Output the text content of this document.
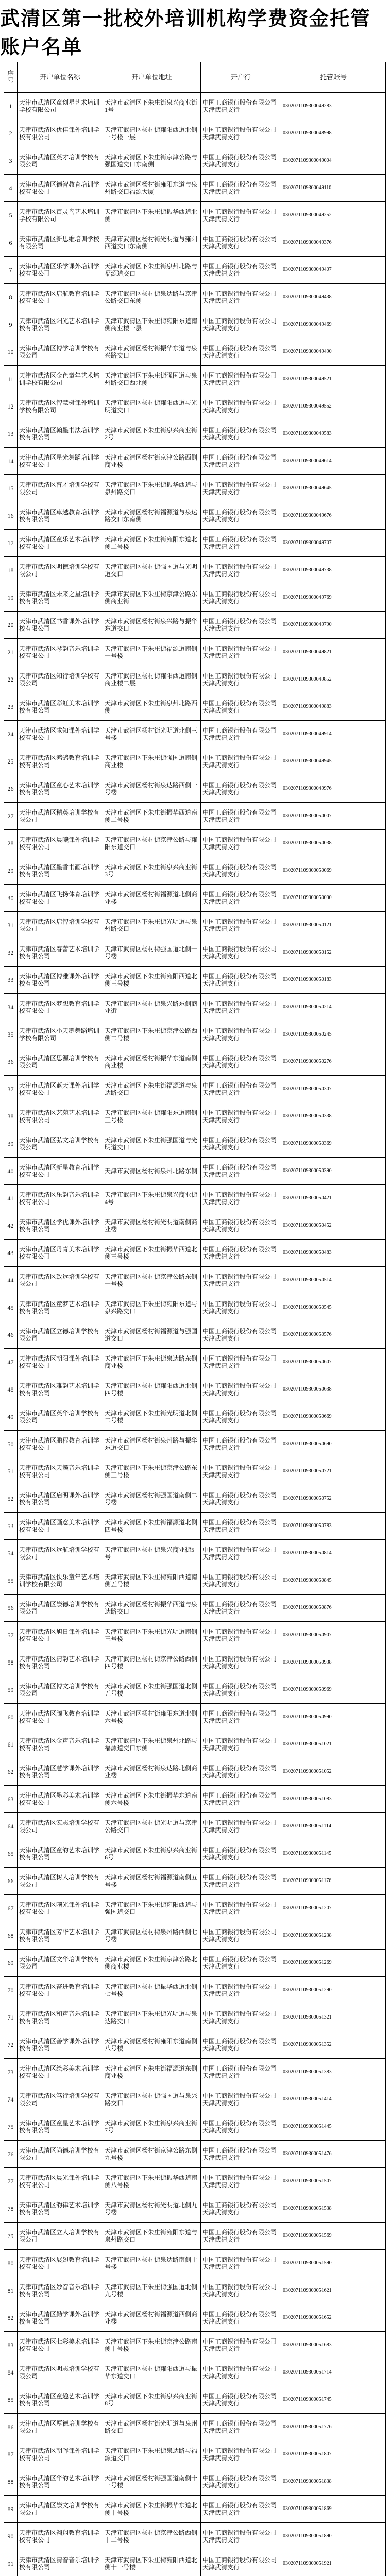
武清区第一批校外培训机构学费资金托管账户名单
序号	开户单位名称	开户单位地址	开户行	托管账号
1	天津市武清区童创星艺术培训学校有限公司	天津市武清区下朱庄街泉兴商业街1号	中国工商银行股份有限公司天津武清支行	0302071109300049283
2	天津市武清区优佳课外培训学校有限公司	天津市武清区杨村街雍阳西道北侧一号楼一层	中国工商银行股份有限公司天津武清支行	0302071109300048998
3	天津市武清区英才培训学校有限公司	天津市武清区下朱庄街京津公路与强国道交口东南侧	中国工商银行股份有限公司天津武清支行	0302071109300049004
4	天津市武清区德智教育培训学校有限公司	天津市武清区杨村街雍阳东道与泉州路交口福源大厦	中国工商银行股份有限公司天津武清支行	0302071109300049110
5	天津市武清区百灵鸟艺术培训学校有限公司	天津市武清区下朱庄街振华西道北侧	中国工商银行股份有限公司天津武清支行	0302071109300049252
6	天津市武清区新思维培训学校有限公司	天津市武清区杨村街光明道与雍阳西道交口东南侧	中国工商银行股份有限公司天津武清支行	0302071109300049376
7	天津市武清区乐学课外培训学校有限公司	天津市武清区下朱庄街泉州北路与福源道交口	中国工商银行股份有限公司天津武清支行	0302071109300049407
8	天津市武清区启航教育培训学校有限公司	天津市武清区杨村街泉达路与京津公路交口东侧	中国工商银行股份有限公司天津武清支行	0302071109300049438
9	天津市武清区阳光艺术培训学校有限公司	天津市武清区下朱庄街雍阳东道南侧商业楼一层	中国工商银行股份有限公司天津武清支行	0302071109300049469
10	天津市武清区博学培训学校有限公司	天津市武清区杨村街振华东道与泉兴路交口	中国工商银行股份有限公司天津武清支行	0302071109300049490
11	天津市武清区金色童年艺术培训学校有限公司	天津市武清区下朱庄街强国道与泉州路交口西北侧	中国工商银行股份有限公司天津武清支行	0302071109300049521
12	天津市武清区智慧树课外培训学校有限公司	天津市武清区杨村街雍阳西道与光明道交口	中国工商银行股份有限公司天津武清支行	0302071109300049552
13	天津市武清区翰墨书法培训学校有限公司	天津市武清区下朱庄街泉兴商业街2号	中国工商银行股份有限公司天津武清支行	0302071109300049583
14	天津市武清区星光舞蹈培训学校有限公司	天津市武清区杨村街京津公路西侧商业楼	中国工商银行股份有限公司天津武清支行	0302071109300049614
15	天津市武清区育才培训学校有限公司	天津市武清区下朱庄街振华西道与泉州路交口	中国工商银行股份有限公司天津武清支行	0302071109300049645
16	天津市武清区卓越教育培训学校有限公司	天津市武清区杨村街福源道与泉达路交口东南侧	中国工商银行股份有限公司天津武清支行	0302071109300049676
17	天津市武清区童乐艺术培训学校有限公司	天津市武清区下朱庄街雍阳东道北侧二号楼	中国工商银行股份有限公司天津武清支行	0302071109300049707
18	天津市武清区明德培训学校有限公司	天津市武清区杨村街强国道与光明道交口	中国工商银行股份有限公司天津武清支行	0302071109300049738
19	天津市武清区未来之星培训学校有限公司	天津市武清区下朱庄街京津公路东侧商业街	中国工商银行股份有限公司天津武清支行	0302071109300049769
20	天津市武清区书香课外培训学校有限公司	天津市武清区杨村街泉兴路与振华东道交口	中国工商银行股份有限公司天津武清支行	0302071109300049790
21	天津市武清区琴韵音乐培训学校有限公司	天津市武清区下朱庄街福源道南侧一号楼	中国工商银行股份有限公司天津武清支行	0302071109300049821
22	天津市武清区知行培训学校有限公司	天津市武清区杨村街雍阳西道南侧商业楼二层	中国工商银行股份有限公司天津武清支行	0302071109300049852
23	天津市武清区彩虹美术培训学校有限公司	天津市武清区下朱庄街泉州北路西侧	中国工商银行股份有限公司天津武清支行	0302071109300049883
24	天津市武清区求知课外培训学校有限公司	天津市武清区杨村街光明道北侧三号楼	中国工商银行股份有限公司天津武清支行	0302071109300049914
25	天津市武清区鸿鹄教育培训学校有限公司	天津市武清区下朱庄街强国道南侧商业楼	中国工商银行股份有限公司天津武清支行	0302071109300049945
26	天津市武清区童心艺术培训学校有限公司	天津市武清区杨村街泉达路西侧一号楼	中国工商银行股份有限公司天津武清支行	0302071109300049976
27	天津市武清区精英培训学校有限公司	天津市武清区下朱庄街振华西道南侧二号楼	中国工商银行股份有限公司天津武清支行	0302071109300050007
28	天津市武清区晨曦课外培训学校有限公司	天津市武清区杨村街京津公路与雍阳东道交口	中国工商银行股份有限公司天津武清支行	0302071109300050038
29	天津市武清区墨香书画培训学校有限公司	天津市武清区下朱庄街泉兴商业街3号	中国工商银行股份有限公司天津武清支行	0302071109300050069
30	天津市武清区飞扬体育培训学校有限公司	天津市武清区杨村街福源道北侧商业楼	中国工商银行股份有限公司天津武清支行	0302071109300050090
31	天津市武清区启智培训学校有限公司	天津市武清区下朱庄街光明道与泉州路交口	中国工商银行股份有限公司天津武清支行	0302071109300050121
32	天津市武清区春蕾艺术培训学校有限公司	天津市武清区杨村街强国道北侧一号楼	中国工商银行股份有限公司天津武清支行	0302071109300050152
33	天津市武清区博雅课外培训学校有限公司	天津市武清区下朱庄街雍阳西道北侧三号楼	中国工商银行股份有限公司天津武清支行	0302071109300050183
34	天津市武清区梦想教育培训学校有限公司	天津市武清区杨村街泉兴路东侧商业街	中国工商银行股份有限公司天津武清支行	0302071109300050214
35	天津市武清区小天鹅舞蹈培训学校有限公司	天津市武清区下朱庄街京津公路西侧二号楼	中国工商银行股份有限公司天津武清支行	0302071109300050245
36	天津市武清区思源培训学校有限公司	天津市武清区杨村街振华东道南侧商业楼	中国工商银行股份有限公司天津武清支行	0302071109300050276
37	天津市武清区蓝天课外培训学校有限公司	天津市武清区下朱庄街福源道与泉达路交口	中国工商银行股份有限公司天津武清支行	0302071109300050307
38	天津市武清区艺苑艺术培训学校有限公司	天津市武清区杨村街雍阳东道南侧三号楼	中国工商银行股份有限公司天津武清支行	0302071109300050338
39	天津市武清区弘文培训学校有限公司	天津市武清区下朱庄街强国道与光明道交口	中国工商银行股份有限公司天津武清支行	0302071109300050369
40	天津市武清区新星教育培训学校有限公司	天津市武清区杨村街泉州北路东侧	中国工商银行股份有限公司天津武清支行	0302071109300050390
41	天津市武清区乐韵音乐培训学校有限公司	天津市武清区下朱庄街泉兴商业街4号	中国工商银行股份有限公司天津武清支行	0302071109300050421
42	天津市武清区学优课外培训学校有限公司	天津市武清区杨村街光明道南侧商业楼	中国工商银行股份有限公司天津武清支行	0302071109300050452
43	天津市武清区丹青美术培训学校有限公司	天津市武清区下朱庄街振华西道北侧三号楼	中国工商银行股份有限公司天津武清支行	0302071109300050483
44	天津市武清区致远培训学校有限公司	天津市武清区杨村街京津公路东侧一号楼	中国工商银行股份有限公司天津武清支行	0302071109300050514
45	天津市武清区童梦艺术培训学校有限公司	天津市武清区下朱庄街雍阳东道与泉兴路交口	中国工商银行股份有限公司天津武清支行	0302071109300050545
46	天津市武清区立德培训学校有限公司	天津市武清区杨村街福源道与强国道交口	中国工商银行股份有限公司天津武清支行	0302071109300050576
47	天津市武清区朝阳课外培训学校有限公司	天津市武清区下朱庄街泉达路东侧商业楼	中国工商银行股份有限公司天津武清支行	0302071109300050607
48	天津市武清区雅韵艺术培训学校有限公司	天津市武清区杨村街雍阳西道北侧四号楼	中国工商银行股份有限公司天津武清支行	0302071109300050638
49	天津市武清区英华培训学校有限公司	天津市武清区下朱庄街光明道北侧二号楼	中国工商银行股份有限公司天津武清支行	0302071109300050669
50	天津市武清区鹏程教育培训学校有限公司	天津市武清区杨村街泉州路与振华东道交口	中国工商银行股份有限公司天津武清支行	0302071109300050690
51	天津市武清区天籁音乐培训学校有限公司	天津市武清区下朱庄街京津公路东侧三号楼	中国工商银行股份有限公司天津武清支行	0302071109300050721
52	天津市武清区启明课外培训学校有限公司	天津市武清区杨村街强国道南侧二号楼	中国工商银行股份有限公司天津武清支行	0302071109300050752
53	天津市武清区画意美术培训学校有限公司	天津市武清区下朱庄街福源道北侧四号楼	中国工商银行股份有限公司天津武清支行	0302071109300050783
54	天津市武清区远航培训学校有限公司	天津市武清区杨村街泉兴商业街5号	中国工商银行股份有限公司天津武清支行	0302071109300050814
55	天津市武清区快乐童年艺术培训学校有限公司	天津市武清区下朱庄街雍阳西道南侧五号楼	中国工商银行股份有限公司天津武清支行	0302071109300050845
56	天津市武清区崇德培训学校有限公司	天津市武清区杨村街振华西道与泉达路交口	中国工商银行股份有限公司天津武清支行	0302071109300050876
57	天津市武清区旭日课外培训学校有限公司	天津市武清区下朱庄街光明道南侧三号楼	中国工商银行股份有限公司天津武清支行	0302071109300050907
58	天津市武清区清韵艺术培训学校有限公司	天津市武清区杨村街京津公路西侧四号楼	中国工商银行股份有限公司天津武清支行	0302071109300050938
59	天津市武清区博文培训学校有限公司	天津市武清区下朱庄街强国道北侧五号楼	中国工商银行股份有限公司天津武清支行	0302071109300050969
60	天津市武清区腾飞教育培训学校有限公司	天津市武清区杨村街雍阳东道北侧六号楼	中国工商银行股份有限公司天津武清支行	0302071109300050990
61	天津市武清区金声音乐培训学校有限公司	天津市武清区下朱庄街泉州北路与福源道交口东侧	中国工商银行股份有限公司天津武清支行	0302071109300051021
62	天津市武清区慧学课外培训学校有限公司	天津市武清区杨村街泉达路北侧商业楼	中国工商银行股份有限公司天津武清支行	0302071109300051052
63	天津市武清区墨彩美术培训学校有限公司	天津市武清区下朱庄街振华东道南侧六号楼	中国工商银行股份有限公司天津武清支行	0302071109300051083
64	天津市武清区宏志培训学校有限公司	天津市武清区杨村街光明道与京津公路交口	中国工商银行股份有限公司天津武清支行	0302071109300051114
65	天津市武清区童韵艺术培训学校有限公司	天津市武清区下朱庄街泉兴商业街6号	中国工商银行股份有限公司天津武清支行	0302071109300051145
66	天津市武清区树人培训学校有限公司	天津市武清区杨村街福源道南侧五号楼	中国工商银行股份有限公司天津武清支行	0302071109300051176
67	天津市武清区曙光课外培训学校有限公司	天津市武清区下朱庄街雍阳西道与强国道交口	中国工商银行股份有限公司天津武清支行	0302071109300051207
68	天津市武清区芳华艺术培训学校有限公司	天津市武清区杨村街泉州路西侧七号楼	中国工商银行股份有限公司天津武清支行	0302071109300051238
69	天津市武清区文华培训学校有限公司	天津市武清区下朱庄街京津公路北侧商业楼	中国工商银行股份有限公司天津武清支行	0302071109300051269
70	天津市武清区奋进教育培训学校有限公司	天津市武清区杨村街振华西道北侧七号楼	中国工商银行股份有限公司天津武清支行	0302071109300051290
71	天津市武清区和声音乐培训学校有限公司	天津市武清区下朱庄街光明道与泉达路交口	中国工商银行股份有限公司天津武清支行	0302071109300051321
72	天津市武清区善学课外培训学校有限公司	天津市武清区杨村街雍阳东道南侧八号楼	中国工商银行股份有限公司天津武清支行	0302071109300051352
73	天津市武清区绘彩美术培训学校有限公司	天津市武清区下朱庄街福源道东侧商业楼	中国工商银行股份有限公司天津武清支行	0302071109300051383
74	天津市武清区笃行培训学校有限公司	天津市武清区杨村街强国道与泉兴路交口	中国工商银行股份有限公司天津武清支行	0302071109300051414
75	天津市武清区童星艺术培训学校有限公司	天津市武清区下朱庄街泉兴商业街7号	中国工商银行股份有限公司天津武清支行	0302071109300051445
76	天津市武清区尚德培训学校有限公司	天津市武清区杨村街京津公路东侧九号楼	中国工商银行股份有限公司天津武清支行	0302071109300051476
77	天津市武清区晨光课外培训学校有限公司	天津市武清区下朱庄街振华西道南侧八号楼	中国工商银行股份有限公司天津武清支行	0302071109300051507
78	天津市武清区韵律艺术培训学校有限公司	天津市武清区杨村街光明道北侧九号楼	中国工商银行股份有限公司天津武清支行	0302071109300051538
79	天津市武清区立人培训学校有限公司	天津市武清区下朱庄街雍阳东道与泉州路交口	中国工商银行股份有限公司天津武清支行	0302071109300051569
80	天津市武清区展翅教育培训学校有限公司	天津市武清区杨村街泉达路南侧十号楼	中国工商银行股份有限公司天津武清支行	0302071109300051590
81	天津市武清区妙音音乐培训学校有限公司	天津市武清区下朱庄街强国道北侧九号楼	中国工商银行股份有限公司天津武清支行	0302071109300051621
82	天津市武清区勤学课外培训学校有限公司	天津市武清区杨村街福源道西侧商业楼	中国工商银行股份有限公司天津武清支行	0302071109300051652
83	天津市武清区七彩美术培训学校有限公司	天津市武清区下朱庄街京津公路南侧十号楼	中国工商银行股份有限公司天津武清支行	0302071109300051683
84	天津市武清区明志培训学校有限公司	天津市武清区杨村街雍阳西道与振华东道交口	中国工商银行股份有限公司天津武清支行	0302071109300051714
85	天津市武清区童趣艺术培训学校有限公司	天津市武清区下朱庄街泉兴商业街8号	中国工商银行股份有限公司天津武清支行	0302071109300051745
86	天津市武清区厚德培训学校有限公司	天津市武清区杨村街光明道与泉州路交口	中国工商银行股份有限公司天津武清支行	0302071109300051776
87	天津市武清区朝晖课外培训学校有限公司	天津市武清区下朱庄街泉达路与福源道交口	中国工商银行股份有限公司天津武清支行	0302071109300051807
88	天津市武清区华韵艺术培训学校有限公司	天津市武清区杨村街强国道南侧十一号楼	中国工商银行股份有限公司天津武清支行	0302071109300051838
89	天津市武清区崇文培训学校有限公司	天津市武清区下朱庄街振华东道北侧十号楼	中国工商银行股份有限公司天津武清支行	0302071109300051869
90	天津市武清区翱翔教育培训学校有限公司	天津市武清区杨村街京津公路西侧十二号楼	中国工商银行股份有限公司天津武清支行	0302071109300051890
91	天津市武清区清音音乐培训学校有限公司	天津市武清区下朱庄街雍阳西道北侧十一号楼	中国工商银行股份有限公司天津武清支行	0302071109300051921
